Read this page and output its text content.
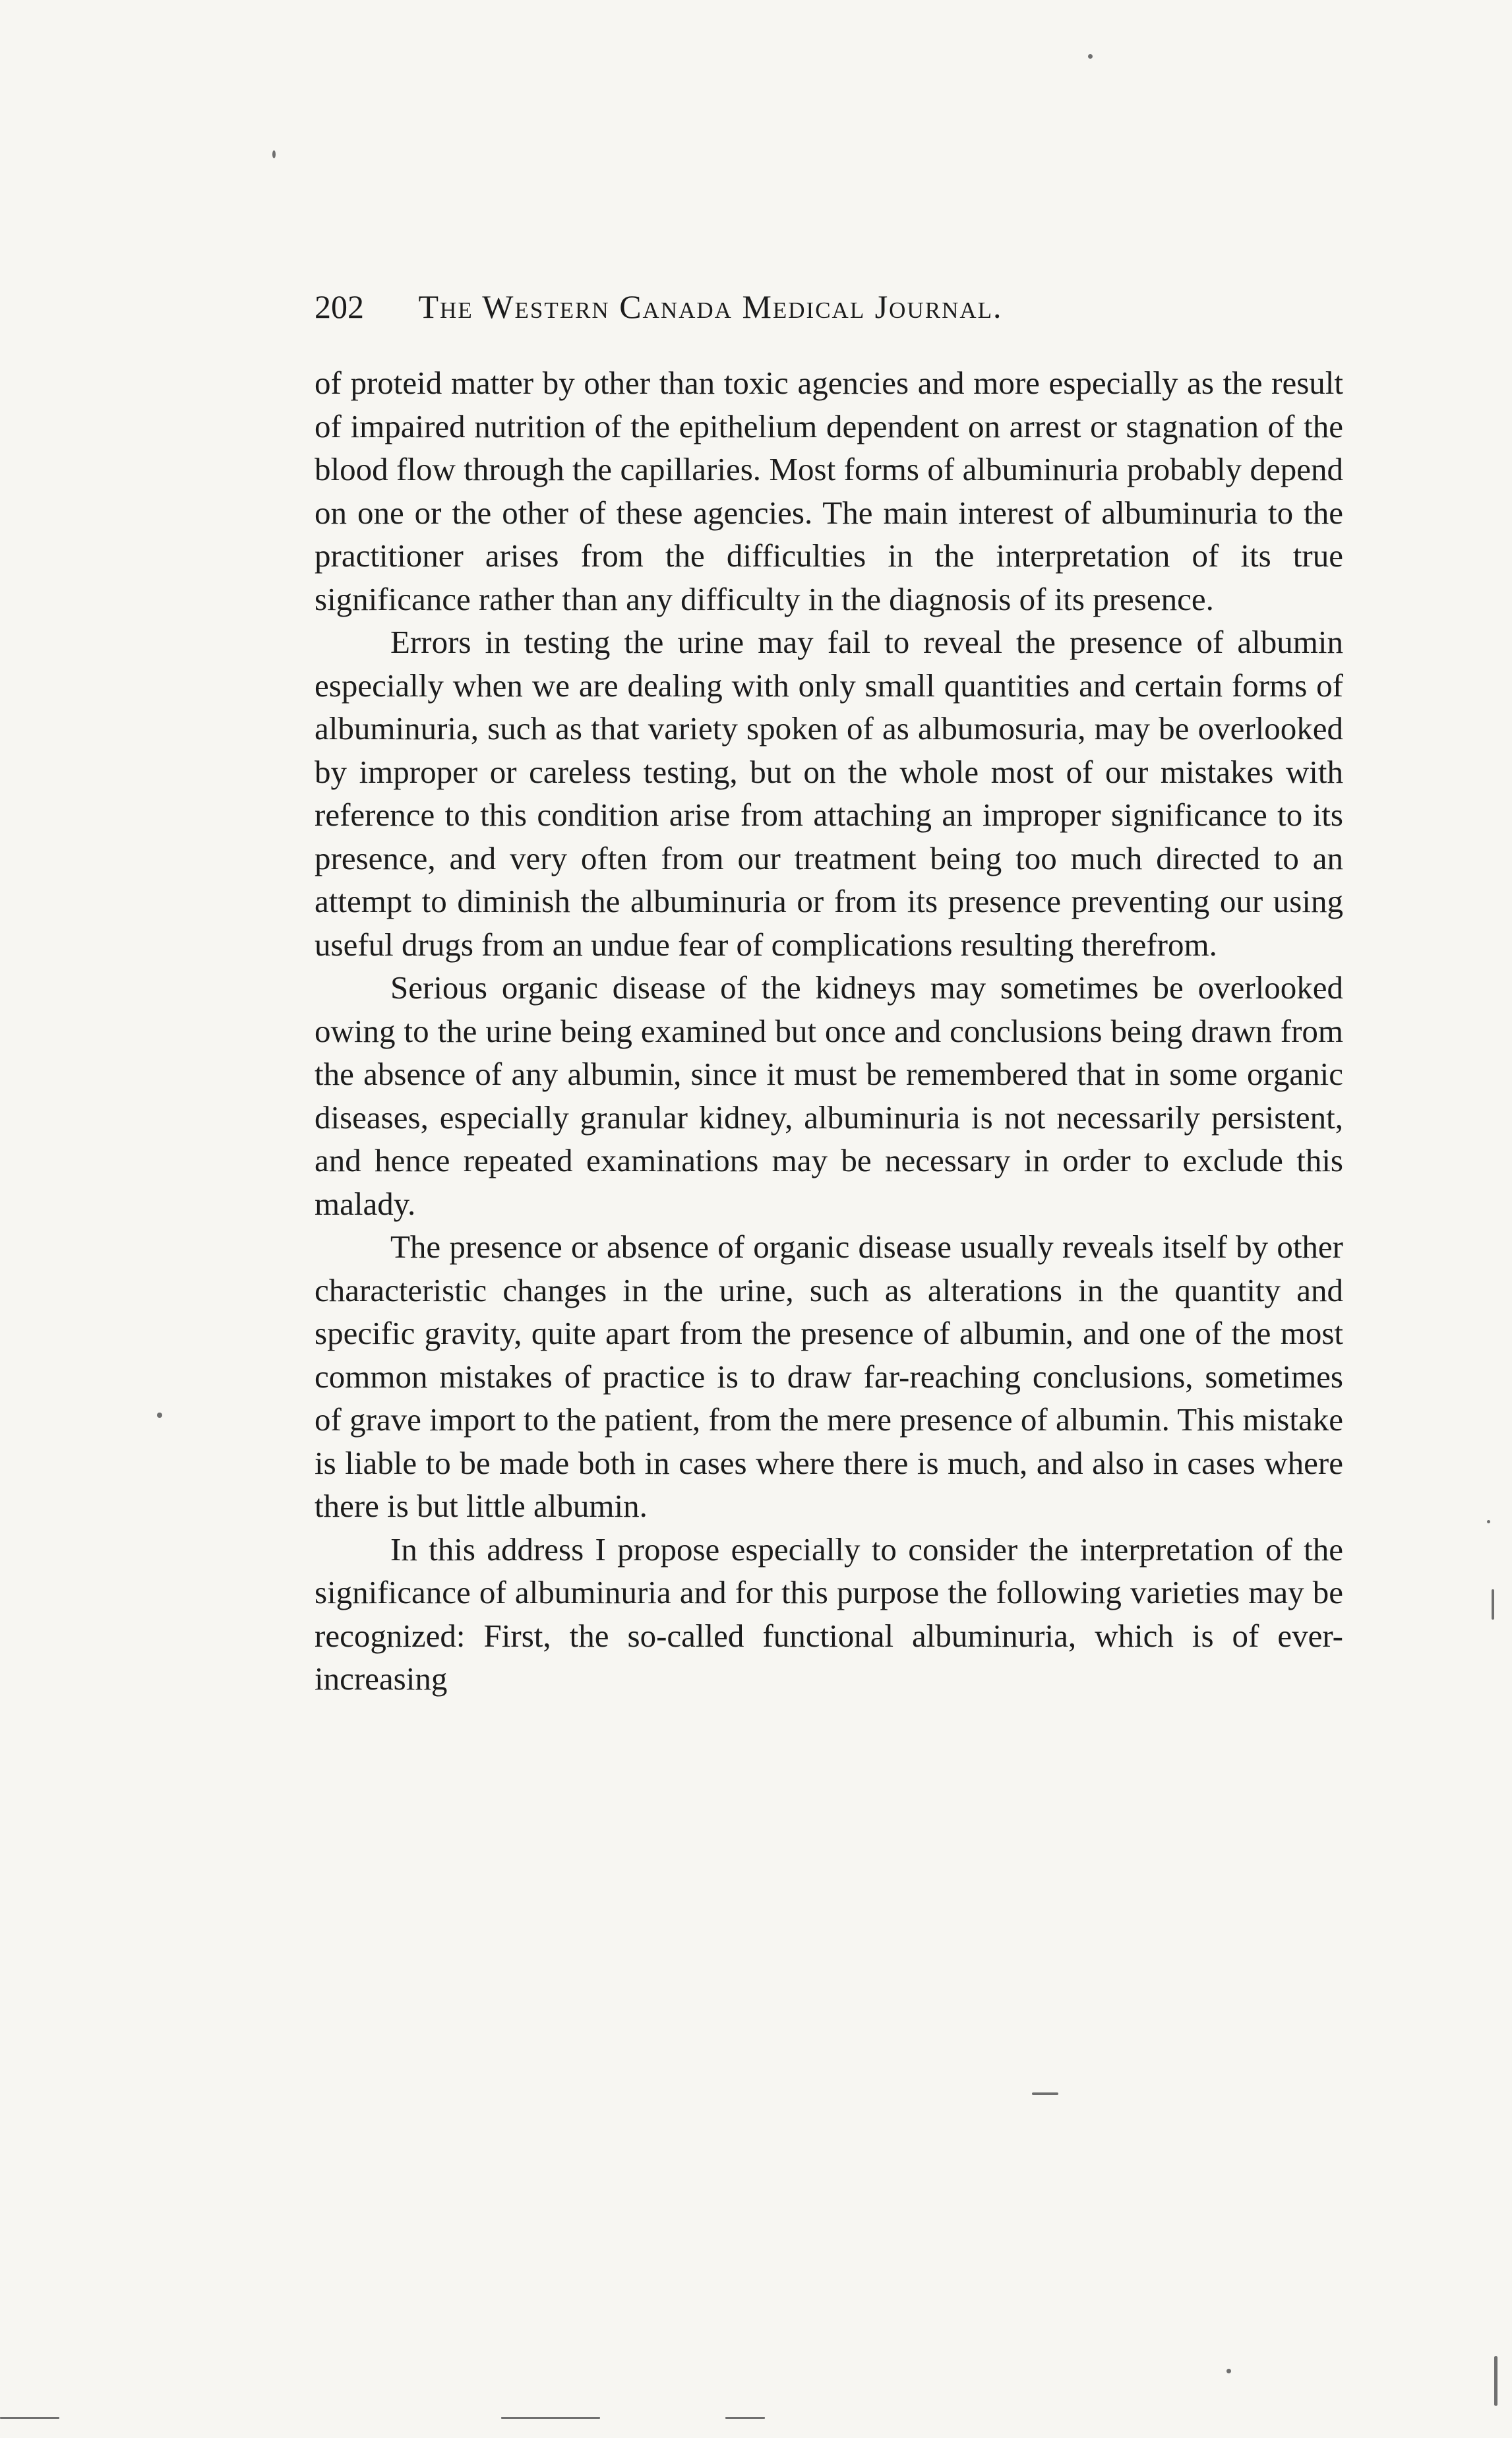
202 The Western Canada Medical Journal.

of proteid matter by other than toxic agencies and more especially as the result of impaired nutrition of the epithelium dependent on arrest or stagnation of the blood flow through the capillaries. Most forms of albuminuria probably depend on one or the other of these agencies. The main interest of albuminuria to the practitioner arises from the difficulties in the interpretation of its true significance rather than any difficulty in the diagnosis of its presence.

Errors in testing the urine may fail to reveal the presence of albumin especially when we are dealing with only small quantities and certain forms of albuminuria, such as that variety spoken of as albumosuria, may be overlooked by improper or careless testing, but on the whole most of our mistakes with reference to this condition arise from attaching an improper significance to its presence, and very often from our treatment being too much directed to an attempt to diminish the albuminuria or from its presence preventing our using useful drugs from an undue fear of complications resulting therefrom.

Serious organic disease of the kidneys may sometimes be overlooked owing to the urine being examined but once and conclusions being drawn from the absence of any albumin, since it must be remembered that in some organic diseases, especially granular kidney, albuminuria is not necessarily persistent, and hence repeated examinations may be necessary in order to exclude this malady.

The presence or absence of organic disease usually reveals itself by other characteristic changes in the urine, such as alterations in the quantity and specific gravity, quite apart from the presence of albumin, and one of the most common mistakes of practice is to draw far-reaching conclusions, sometimes of grave import to the patient, from the mere presence of albumin. This mistake is liable to be made both in cases where there is much, and also in cases where there is but little albumin.

In this address I propose especially to consider the interpretation of the significance of albuminuria and for this purpose the following varieties may be recognized: First, the so-called functional albuminuria, which is of ever-increasing
